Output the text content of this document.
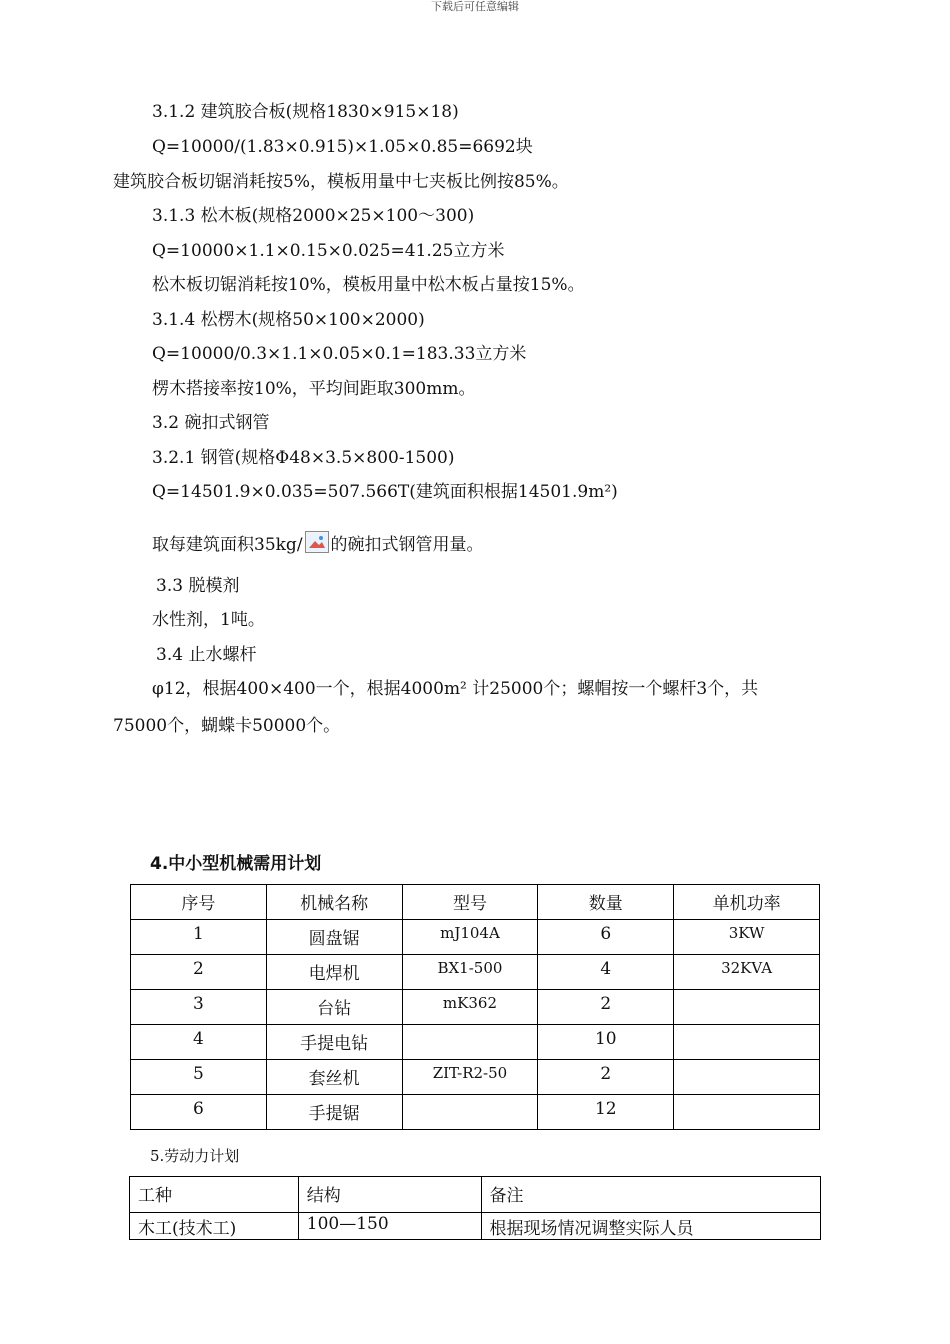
下载后可任意编辑
3.1.2 建筑胶合板(规格1830×915×18)
Q=10000/(1.83×0.915)×1.05×0.85=6692块
建筑胶合板切锯消耗按5%，模板用量中七夹板比例按85%。
3.1.3 松木板(规格2000×25×100～300)
Q=10000×1.1×0.15×0.025=41.25立方米
松木板切锯消耗按10%，模板用量中松木板占量按15%。
3.1.4 松楞木(规格50×100×2000)
Q=10000/0.3×1.1×0.05×0.1=183.33立方米
楞木搭接率按10%，平均间距取300mm。
3.2 碗扣式钢管
3.2.1 钢管(规格Φ48×3.5×800-1500)
Q=14501.9×0.035=507.566T(建筑面积根据14501.9m²)
取每建筑面积35kg/ 的碗扣式钢管用量。
3.3 脱模剂
水性剂，1吨。
3.4 止水螺杆
φ12，根据400×400一个，根据4000m² 计25000个；螺帽按一个螺杆3个，共
75000个，蝴蝶卡50000个。
4.中小型机械需用计划
序号	机械名称	型号	数量	单机功率
1	圆盘锯	mJ104A	6	3KW
2	电焊机	BX1-500	4	32KVA
3	台钻	mK362	2	
4	手提电钻		10	
5	套丝机	ZIT-R2-50	2	
6	手提锯		12	
5.劳动力计划
工种	结构	备注
木工(技术工)	100—150	根据现场情况调整实际人员
